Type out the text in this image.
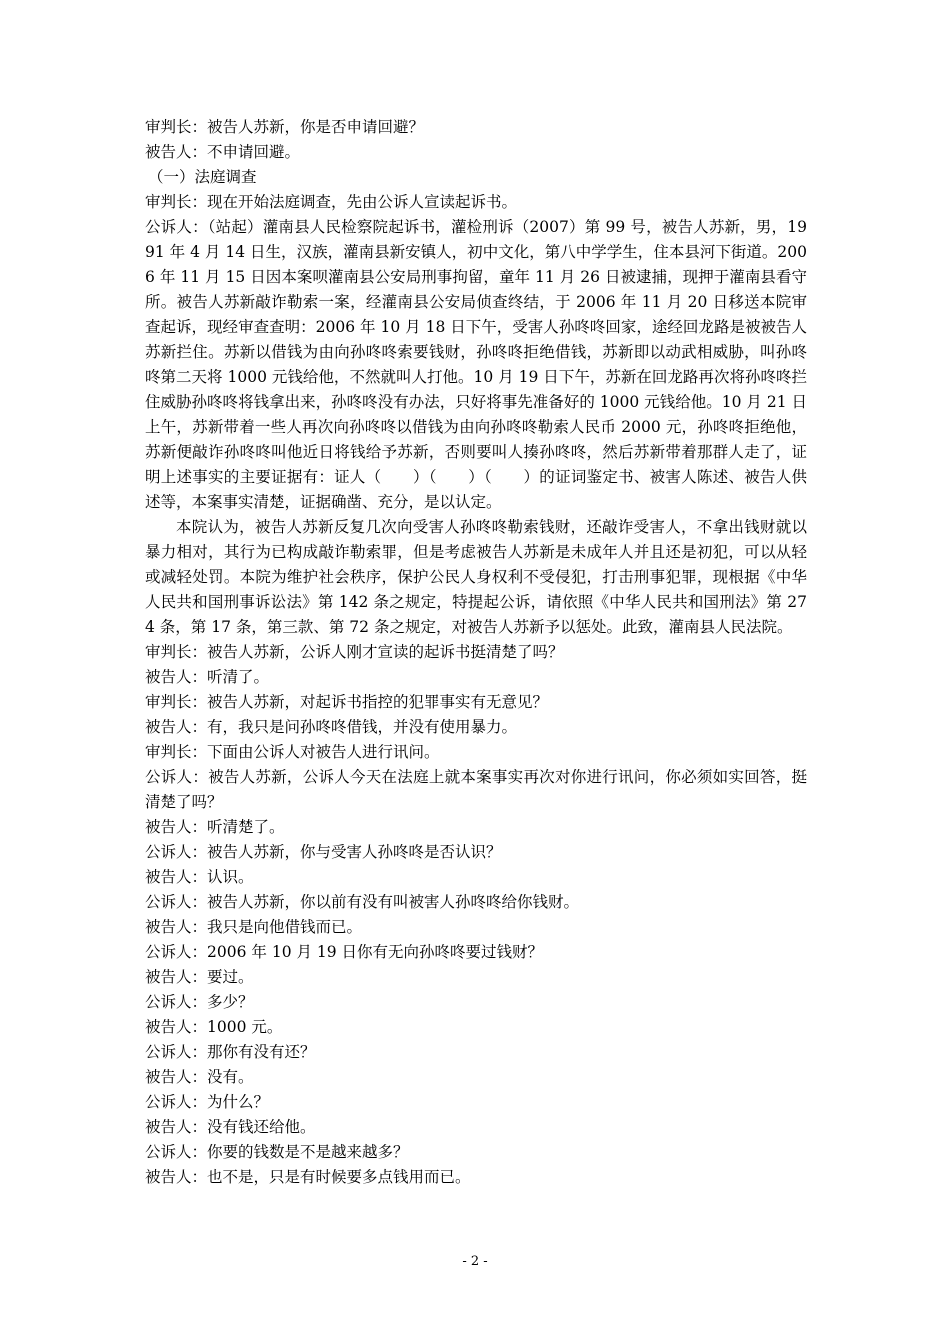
审判长：被告人苏新，你是否申请回避？

被告人：不申请回避。

（一）法庭调查

审判长：现在开始法庭调查，先由公诉人宣读起诉书。

公诉人：（站起）灌南县人民检察院起诉书，灌检刑诉（2007）第 99 号，被告人苏新，男，1991 年 4 月 14 日生，汉族，灌南县新安镇人，初中文化，第八中学学生，住本县河下街道。2006 年 11 月 15 日因本案呗灌南县公安局刑事拘留，童年 11 月 26 日被逮捕，现押于灌南县看守所。被告人苏新敲诈勒索一案，经灌南县公安局侦查终结，于 2006 年 11 月 20 日移送本院审查起诉，现经审查查明：2006 年 10 月 18 日下午，受害人孙咚咚回家，途经回龙路是被被告人苏新拦住。苏新以借钱为由向孙咚咚索要钱财，孙咚咚拒绝借钱，苏新即以动武相威胁，叫孙咚咚第二天将 1000 元钱给他，不然就叫人打他。10 月 19 日下午，苏新在回龙路再次将孙咚咚拦住威胁孙咚咚将钱拿出来，孙咚咚没有办法，只好将事先准备好的 1000 元钱给他。10 月 21 日上午，苏新带着一些人再次向孙咚咚以借钱为由向孙咚咚勒索人民币 2000 元，孙咚咚拒绝他，苏新便敲诈孙咚咚叫他近日将钱给予苏新，否则要叫人揍孙咚咚，然后苏新带着那群人走了，证明上述事实的主要证据有：证人（　　）（　　）（　　）的证词鉴定书、被害人陈述、被告人供述等，本案事实清楚，证据确凿、充分，是以认定。

本院认为，被告人苏新反复几次向受害人孙咚咚勒索钱财，还敲诈受害人，不拿出钱财就以暴力相对，其行为已构成敲诈勒索罪，但是考虑被告人苏新是未成年人并且还是初犯，可以从轻或减轻处罚。本院为维护社会秩序，保护公民人身权利不受侵犯，打击刑事犯罪，现根据《中华人民共和国刑事诉讼法》第 142 条之规定，特提起公诉，请依照《中华人民共和国刑法》第 274 条，第 17 条，第三款、第 72 条之规定，对被告人苏新予以惩处。此致，灌南县人民法院。

审判长：被告人苏新，公诉人刚才宣读的起诉书挺清楚了吗？

被告人：听清了。

审判长：被告人苏新，对起诉书指控的犯罪事实有无意见？

被告人：有，我只是问孙咚咚借钱，并没有使用暴力。

审判长：下面由公诉人对被告人进行讯问。

公诉人：被告人苏新，公诉人今天在法庭上就本案事实再次对你进行讯问，你必须如实回答，挺清楚了吗？

被告人：听清楚了。

公诉人：被告人苏新，你与受害人孙咚咚是否认识？

被告人：认识。

公诉人：被告人苏新，你以前有没有叫被害人孙咚咚给你钱财。

被告人：我只是向他借钱而已。

公诉人：2006 年 10 月 19 日你有无向孙咚咚要过钱财？

被告人：要过。

公诉人：多少？

被告人：1000 元。

公诉人：那你有没有还？

被告人：没有。

公诉人：为什么？

被告人：没有钱还给他。

公诉人：你要的钱数是不是越来越多？

被告人：也不是，只是有时候要多点钱用而已。

- 2 -
